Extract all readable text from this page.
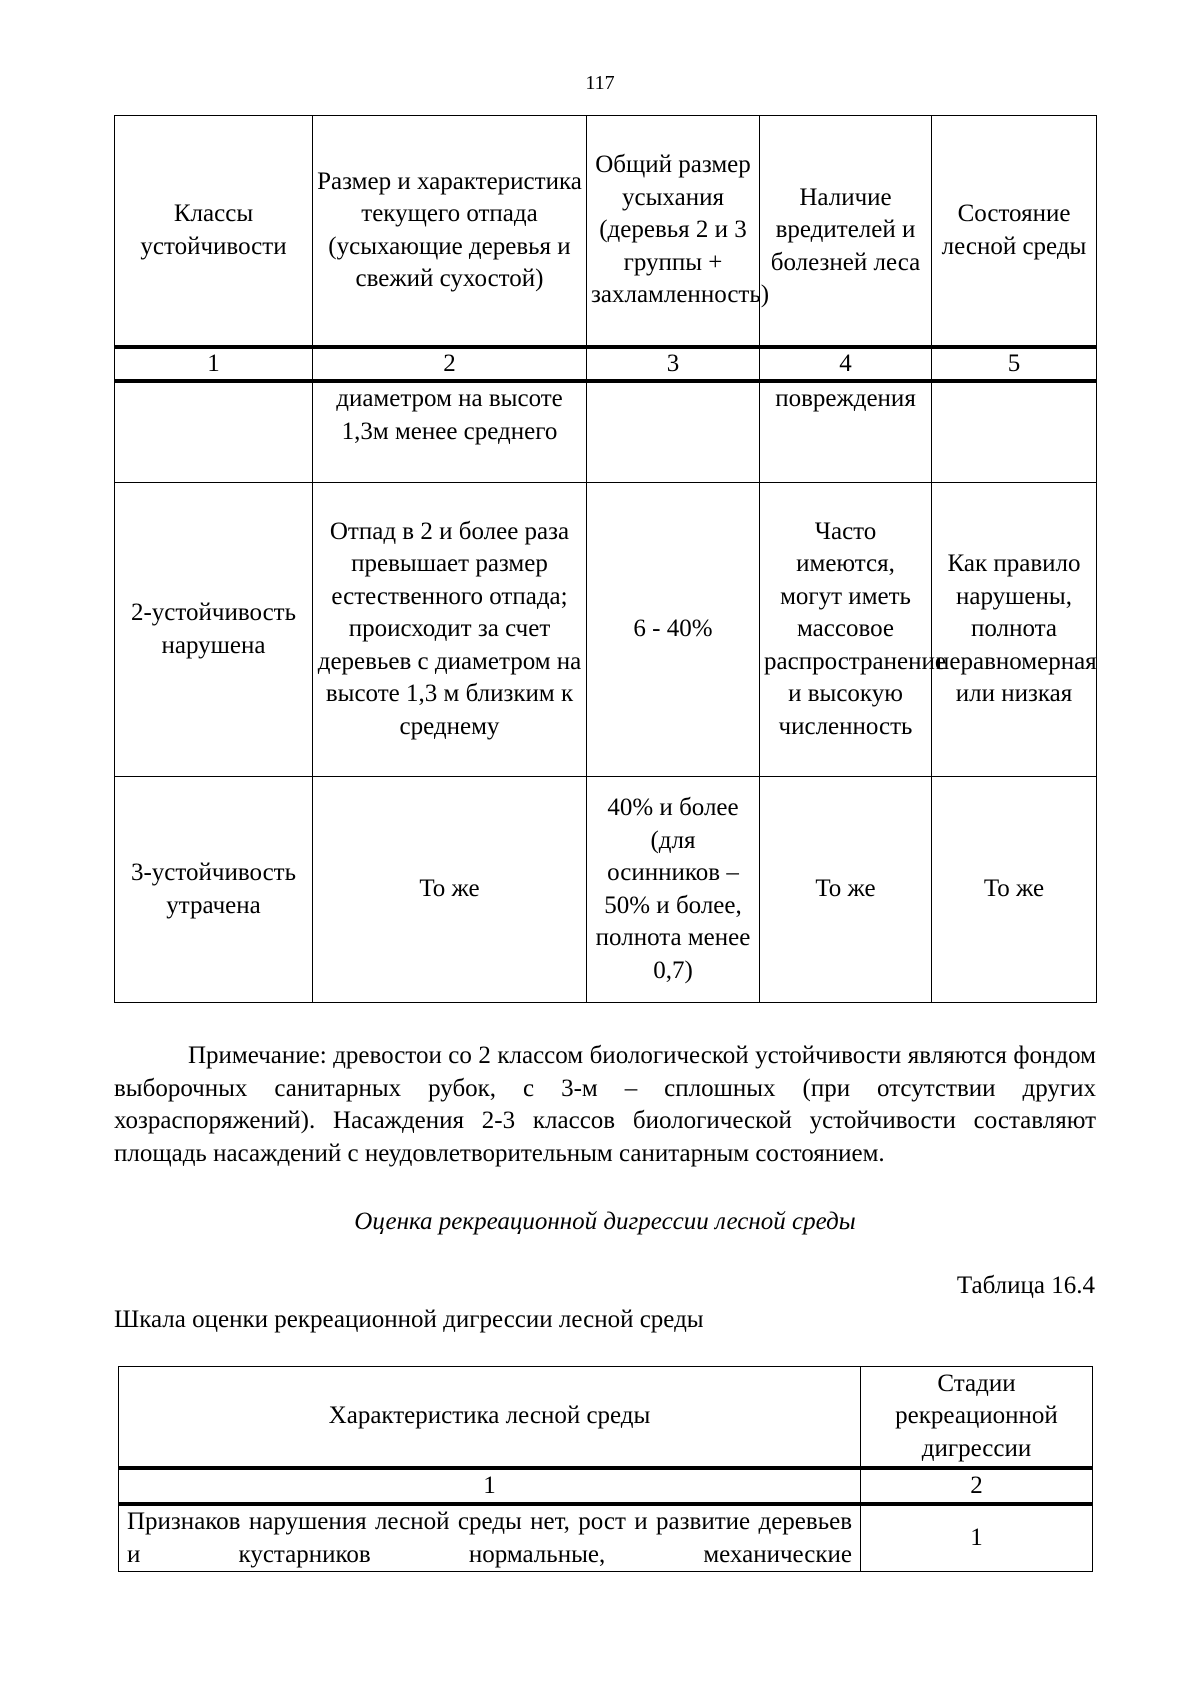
117
Классы устойчивости	Размер и характеристика текущего отпада (усыхающие деревья и свежий сухостой)	Общий размер усыхания (деревья 2 и 3 группы + захламленность)	Наличие вредителей и болезней леса	Состояние лесной среды
1	2	3	4	5
	диаметром на высоте 1,3м менее среднего		повреждения	
2-устойчивость нарушена	Отпад в 2 и более раза превышает размер естественного отпада; происходит за счет деревьев с диаметром на высоте 1,3 м близким к среднему	6 - 40%	Часто имеются, могут иметь массовое распространение и высокую численность	Как правило нарушены, полнота неравномерная или низкая
3-устойчивость утрачена	То же	40% и более (для осинников – 50% и более, полнота менее 0,7)	То же	То же

Примечание: древостои со 2 классом биологической устойчивости являются фондом выборочных санитарных рубок, с 3-м – сплошных (при отсутствии других хозраспоряжений). Насаждения 2-3 классов биологической устойчивости составляют площадь насаждений с неудовлетворительным санитарным состоянием.

Оценка рекреационной дигрессии лесной среды

Таблица 16.4

Шкала оценки рекреационной дигрессии лесной среды

Характеристика лесной среды	Стадии рекреационной дигрессии
1	2
Признаков нарушения лесной среды нет, рост и развитие деревьев и кустарников нормальные, механические	1
